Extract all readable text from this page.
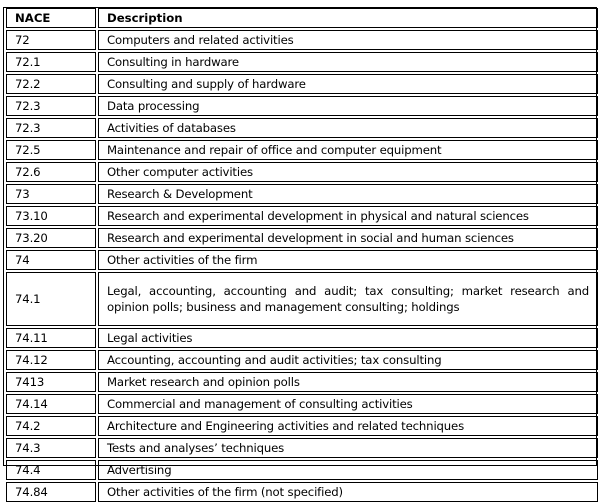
NACE	Description
72	Computers and related activities
72.1	Consulting in hardware
72.2	Consulting and supply of hardware
72.3	Data processing
72.3	Activities of databases
72.5	Maintenance and repair of office and computer equipment
72.6	Other computer activities
73	Research & Development
73.10	Research and experimental development in physical and natural sciences
73.20	Research and experimental development in social and human sciences
74	Other activities of the firm
74.1	Legal, accounting, accounting and audit; tax consulting; market research and opinion polls; business and management consulting; holdings
74.11	Legal activities
74.12	Accounting, accounting and audit activities; tax consulting
7413	Market research and opinion polls
74.14	Commercial and management of consulting activities
74.2	Architecture and Engineering activities and related techniques
74.3	Tests and analyses’ techniques
74.4	Advertising
74.84	Other activities of the firm (not specified)
